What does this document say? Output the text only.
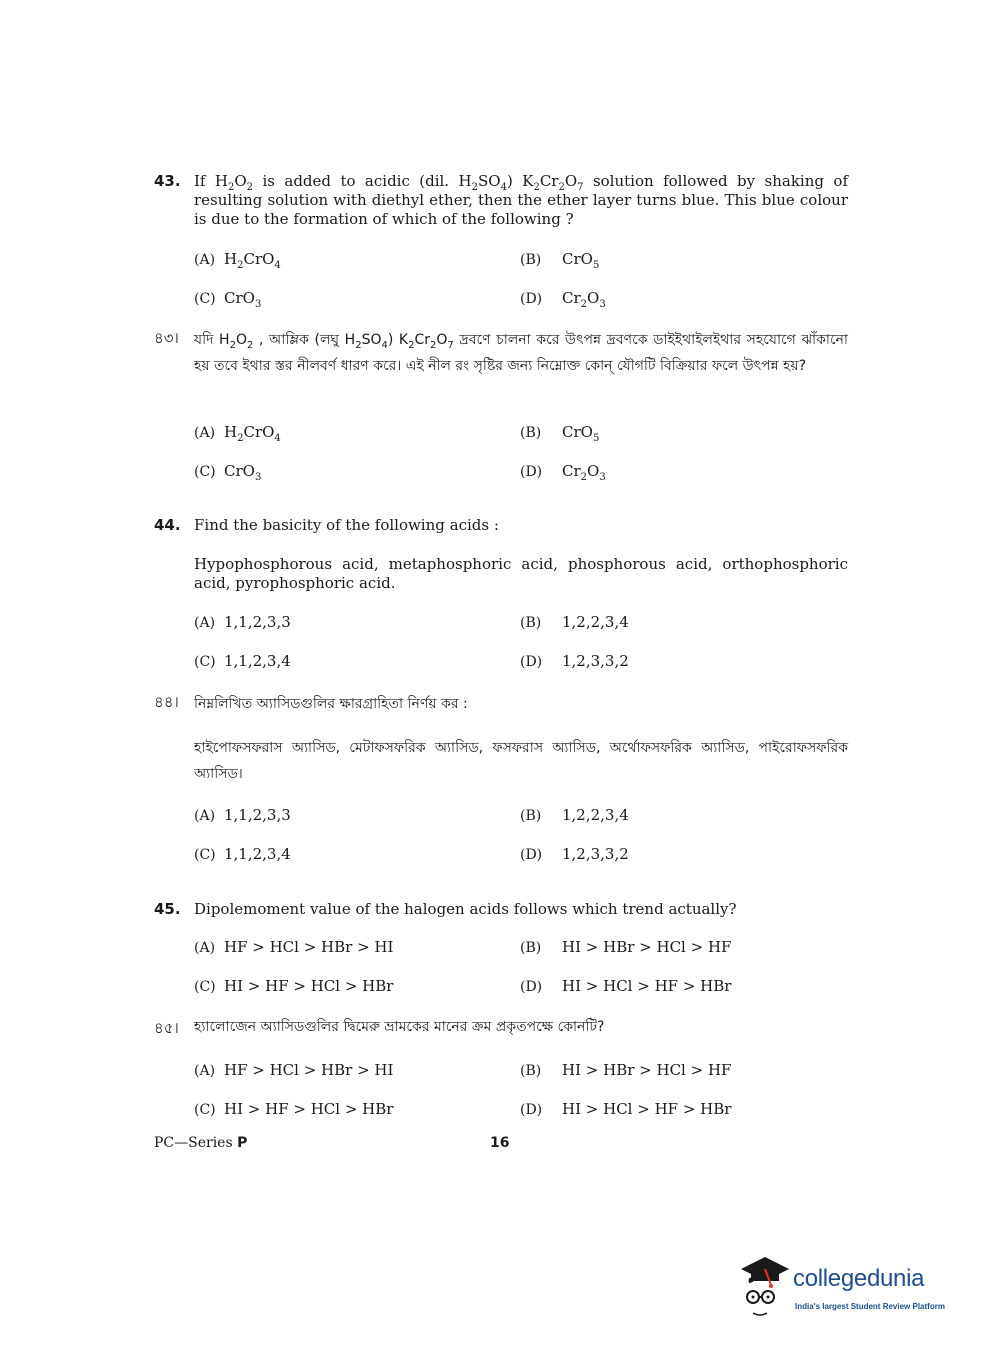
43. If $H_2O_2$ is added to acidic (dil. $H_2SO_4$) $K_2Cr_2O_7$ solution followed by shaking of resulting solution with diethyl ether, then the ether layer turns blue. This blue colour is due to the formation of which of the following ?
(A) $H_2CrO_4$	(B) CrO$_5$
(C) CrO$_3$	(D) $Cr_2O_3$
৪৩। যদি $H_2O_2$ , আম্লিক (লঘু $H_2SO_4$) $K_2Cr_2O_7$ দ্রবণে চালনা করে উৎপন্ন দ্রবণকে ডাইইথাইলইথার সহযোগে ঝাঁকানো হয় তবে ইথার স্তর নীলবর্ণ ধারণ করে। এই নীল রং সৃষ্টির জন্য নিম্নোক্ত কোন্ যৌগটি বিক্রিয়ার ফলে উৎপন্ন হয়?
(A) $H_2CrO_4$	(B) CrO$_5$
(C) CrO$_3$	(D) $Cr_2O_3$
44. Find the basicity of the following acids :
Hypophosphorous acid, metaphosphoric acid, phosphorous acid, orthophosphoric acid, pyrophosphoric acid.
(A) 1,1,2,3,3	(B) 1,2,2,3,4
(C) 1,1,2,3,4	(D) 1,2,3,3,2
৪৪। নিম্নলিখিত অ্যাসিডগুলির ক্ষারগ্রাহিতা নির্ণয় কর :
হাইপোফসফরাস অ্যাসিড, মেটাফসফরিক অ্যাসিড, ফসফরাস অ্যাসিড, অর্থোফসফরিক অ্যাসিড, পাইরোফসফরিক অ্যাসিড।
(A) 1,1,2,3,3	(B) 1,2,2,3,4
(C) 1,1,2,3,4	(D) 1,2,3,3,2
45. Dipolemoment value of the halogen acids follows which trend actually?
(A) HF > HCl > HBr > HI	(B) HI > HBr > HCl > HF
(C) HI > HF > HCl > HBr	(D) HI > HCl > HF > HBr
৪৫। হ্যালোজেন অ্যাসিডগুলির দ্বিমেরু ভ্রামকের মানের ক্রম প্রকৃতপক্ষে কোনটি?
(A) HF > HCl > HBr > HI	(B) HI > HBr > HCl > HF
(C) HI > HF > HCl > HBr	(D) HI > HCl > HF > HBr
PC—Series P	16
collegedunia
India's largest Student Review Platform
